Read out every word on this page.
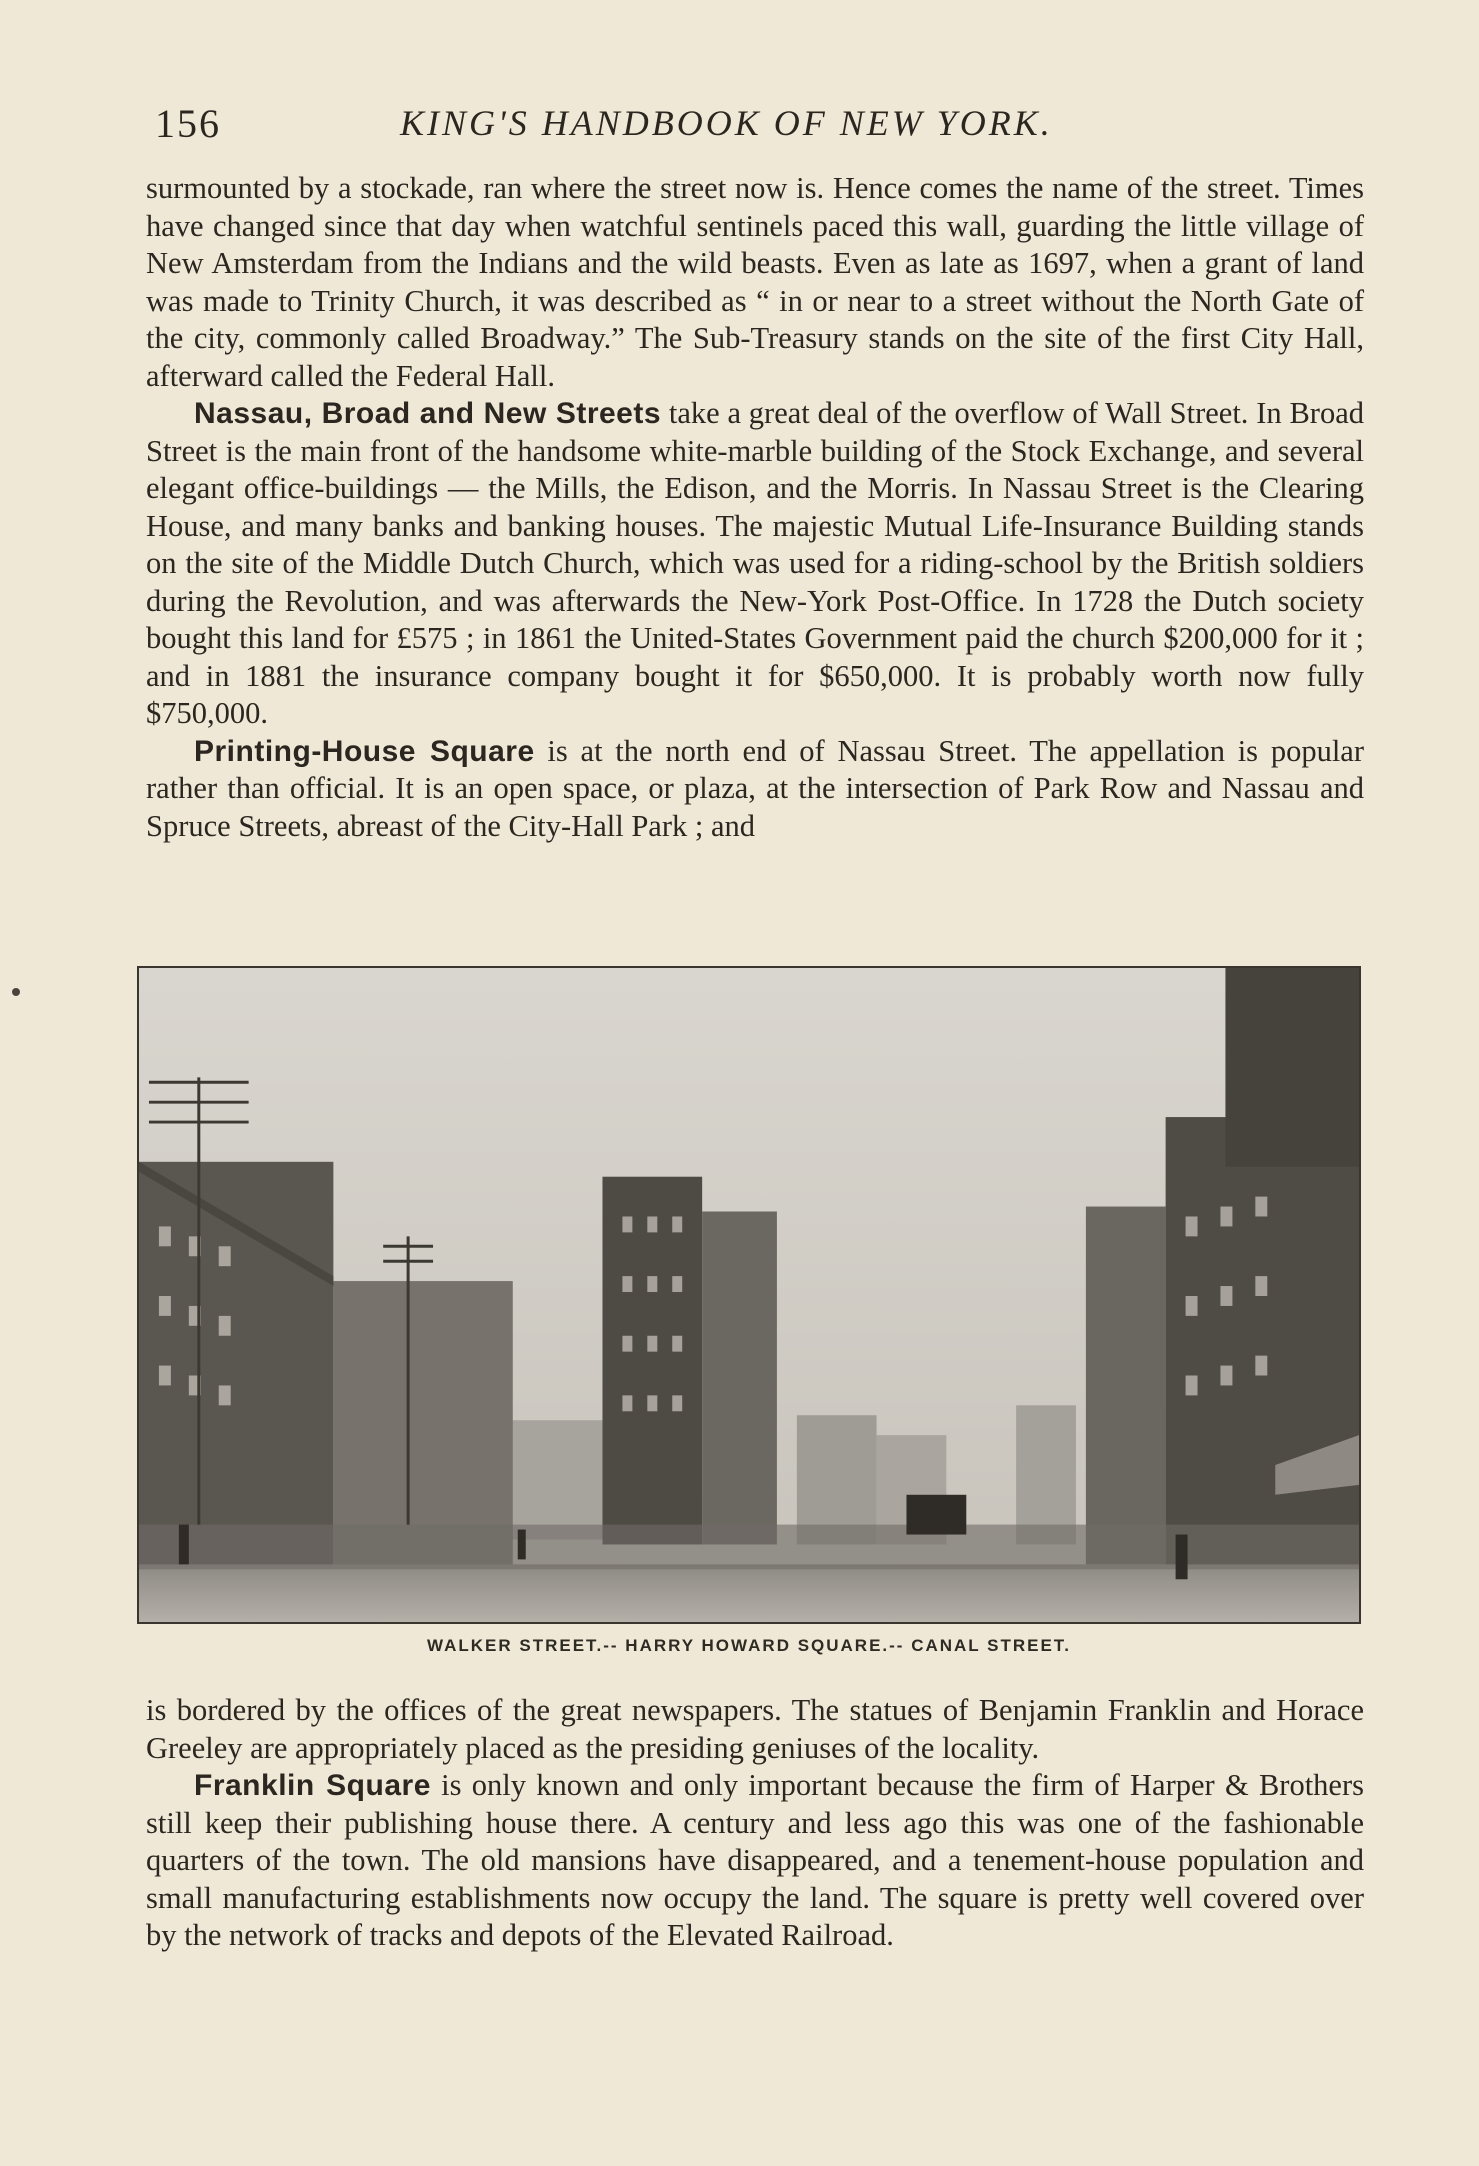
156	KING'S HANDBOOK OF NEW YORK.

surmounted by a stockade, ran where the street now is. Hence comes the name of the street. Times have changed since that day when watchful sentinels paced this wall, guarding the little village of New Amsterdam from the Indians and the wild beasts. Even as late as 1697, when a grant of land was made to Trinity Church, it was described as “ in or near to a street without the North Gate of the city, commonly called Broadway.” The Sub-Treasury stands on the site of the first City Hall, afterward called the Federal Hall.

Nassau, Broad and New Streets take a great deal of the overflow of Wall Street. In Broad Street is the main front of the handsome white-marble building of the Stock Exchange, and several elegant office-buildings — the Mills, the Edison, and the Morris. In Nassau Street is the Clearing House, and many banks and banking houses. The majestic Mutual Life-Insurance Building stands on the site of the Middle Dutch Church, which was used for a riding-school by the British soldiers during the Revolution, and was afterwards the New-York Post-Office. In 1728 the Dutch society bought this land for £575 ; in 1861 the United-States Government paid the church $200,000 for it ; and in 1881 the insurance company bought it for $650,000. It is probably worth now fully $750,000.

Printing-House Square is at the north end of Nassau Street. The appellation is popular rather than official. It is an open space, or plaza, at the intersection of Park Row and Nassau and Spruce Streets, abreast of the City-Hall Park ; and

WALKER STREET.-- HARRY HOWARD SQUARE.-- CANAL STREET.

is bordered by the offices of the great newspapers. The statues of Benjamin Franklin and Horace Greeley are appropriately placed as the presiding geniuses of the locality.

Franklin Square is only known and only important because the firm of Harper & Brothers still keep their publishing house there. A century and less ago this was one of the fashionable quarters of the town. The old mansions have disappeared, and a tenement-house population and small manufacturing establishments now occupy the land. The square is pretty well covered over by the network of tracks and depots of the Elevated Railroad.
